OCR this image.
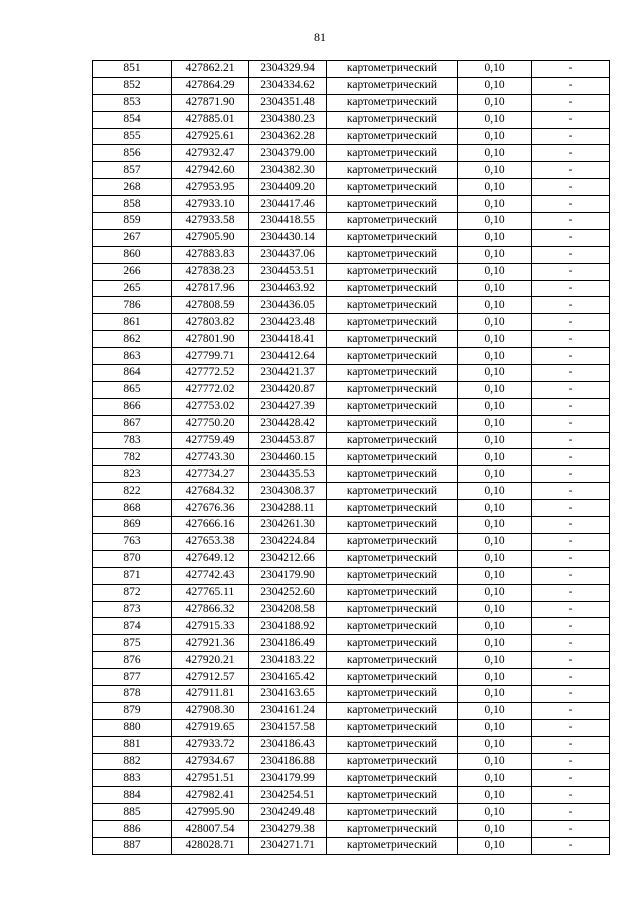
81
851	427862.21	2304329.94	картометрический	0,10	-
852	427864.29	2304334.62	картометрический	0,10	-
853	427871.90	2304351.48	картометрический	0,10	-
854	427885.01	2304380.23	картометрический	0,10	-
855	427925.61	2304362.28	картометрический	0,10	-
856	427932.47	2304379.00	картометрический	0,10	-
857	427942.60	2304382.30	картометрический	0,10	-
268	427953.95	2304409.20	картометрический	0,10	-
858	427933.10	2304417.46	картометрический	0,10	-
859	427933.58	2304418.55	картометрический	0,10	-
267	427905.90	2304430.14	картометрический	0,10	-
860	427883.83	2304437.06	картометрический	0,10	-
266	427838.23	2304453.51	картометрический	0,10	-
265	427817.96	2304463.92	картометрический	0,10	-
786	427808.59	2304436.05	картометрический	0,10	-
861	427803.82	2304423.48	картометрический	0,10	-
862	427801.90	2304418.41	картометрический	0,10	-
863	427799.71	2304412.64	картометрический	0,10	-
864	427772.52	2304421.37	картометрический	0,10	-
865	427772.02	2304420.87	картометрический	0,10	-
866	427753.02	2304427.39	картометрический	0,10	-
867	427750.20	2304428.42	картометрический	0,10	-
783	427759.49	2304453.87	картометрический	0,10	-
782	427743.30	2304460.15	картометрический	0,10	-
823	427734.27	2304435.53	картометрический	0,10	-
822	427684.32	2304308.37	картометрический	0,10	-
868	427676.36	2304288.11	картометрический	0,10	-
869	427666.16	2304261.30	картометрический	0,10	-
763	427653.38	2304224.84	картометрический	0,10	-
870	427649.12	2304212.66	картометрический	0,10	-
871	427742.43	2304179.90	картометрический	0,10	-
872	427765.11	2304252.60	картометрический	0,10	-
873	427866.32	2304208.58	картометрический	0,10	-
874	427915.33	2304188.92	картометрический	0,10	-
875	427921.36	2304186.49	картометрический	0,10	-
876	427920.21	2304183.22	картометрический	0,10	-
877	427912.57	2304165.42	картометрический	0,10	-
878	427911.81	2304163.65	картометрический	0,10	-
879	427908.30	2304161.24	картометрический	0,10	-
880	427919.65	2304157.58	картометрический	0,10	-
881	427933.72	2304186.43	картометрический	0,10	-
882	427934.67	2304186.88	картометрический	0,10	-
883	427951.51	2304179.99	картометрический	0,10	-
884	427982.41	2304254.51	картометрический	0,10	-
885	427995.90	2304249.48	картометрический	0,10	-
886	428007.54	2304279.38	картометрический	0,10	-
887	428028.71	2304271.71	картометрический	0,10	-
